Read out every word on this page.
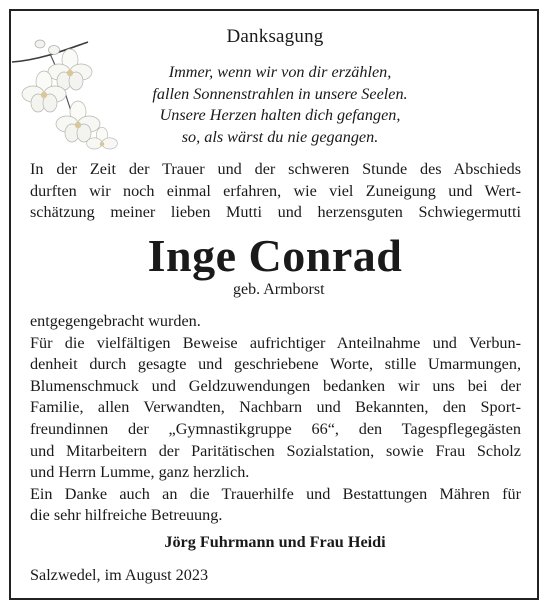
Danksagung
Immer, wenn wir von dir erzählen,
fallen Sonnenstrahlen in unsere Seelen.
Unsere Herzen halten dich gefangen,
so, als wärst du nie gegangen.
In der Zeit der Trauer und der schweren Stunde des Abschieds
durften wir noch einmal erfahren, wie viel Zuneigung und Wert-
schätzung meiner lieben Mutti und herzensguten Schwiegermutti
Inge Conrad
geb. Armborst
entgegengebracht wurden.
Für die vielfältigen Beweise aufrichtiger Anteilnahme und Verbun-
denheit durch gesagte und geschriebene Worte, stille Umarmungen,
Blumenschmuck und Geldzuwendungen bedanken wir uns bei der
Familie, allen Verwandten, Nachbarn und Bekannten, den Sport-
freundinnen der „Gymnastikgruppe 66“, den Tagespflegegästen
und Mitarbeitern der Paritätischen Sozialstation, sowie Frau Scholz
und Herrn Lumme, ganz herzlich.
Ein Danke auch an die Trauerhilfe und Bestattungen Mähren für
die sehr hilfreiche Betreuung.
Jörg Fuhrmann und Frau Heidi
Salzwedel, im August 2023
